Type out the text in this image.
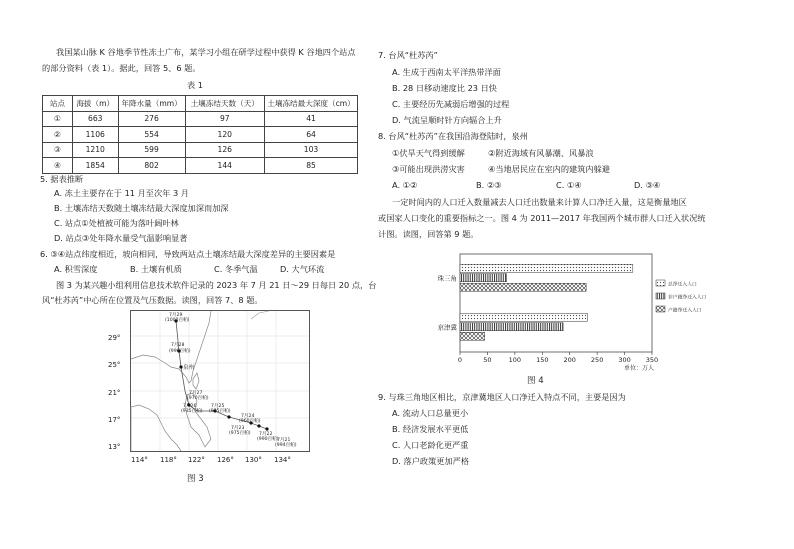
我国某山脉 K 谷地季节性冻土广布，某学习小组在研学过程中获得 K 谷地四个站点
的部分资料（表 1）。据此，回答 5、6 题。
表 1
站点	海拔（m）	年降水量（mm）	土壤冻结天数（天）	土壤冻结最大深度（cm）
①	663	276	97	41
②	1106	554	120	64
③	1210	599	126	103
④	1854	802	144	85
5. 据表推断
A. 冻土主要存在于 11 月至次年 3 月
B. 土壤冻结天数随土壤冻结最大深度加深而加深
C. 站点①处植被可能为落叶阔叶林
D. 站点③处年降水量受气温影响显著
6. ③④站点纬度相近，坡向相同，导致两站点土壤冻结最大深度差异的主要因素是
A. 积雪深度	B. 土壤有机质	C. 冬季气温	D. 大气环流
图 3 为某兴趣小组利用信息技术软件记录的 2023 年 7 月 21 日～29 日每日 20 点，台
风“杜苏芮”中心所在位置及气压数据。读图，回答 7、8 题。
29°
25°
21°
17°
13°
114° 118° 122° 126° 130° 134°
7月29
(1000百帕)
7月28
(990百帕)
泉州
7月27
(970百帕)
7月26
(935百帕)
7月25
(925百帕)
7月24
(960百帕)
7月23
(975百帕) 7月22
(990百帕)
7月21
(994百帕)
图 3
7. 台风“杜苏芮”
A. 生成于西南太平洋热带洋面
B. 28 日移动速度比 23 日快
C. 主要经历先减弱后增强的过程
D. 气流呈顺时针方向辐合上升
8. 台风“杜苏芮”在我国沿海登陆时，泉州
①伏旱天气得到缓解	②附近海域有风暴潮、风暴浪
③可能出现洪涝灾害	④当地居民应在室内的建筑内躲避
A. ①②	B. ②③	C. ①④	D. ③④
一定时间内的人口迁入数量减去人口迁出数量来计算人口净迁入量，这是衡量地区
或国家人口变化的重要指标之一。图 4 为 2011—2017 年我国两个城市群人口迁入状况统
计图。读图，回答第 9 题。
0	50	100 150 200 250 300 350
单位：万人
珠三角
京津冀
总净迁入人口
非户籍净迁入人口
户籍净迁入人口
图 4
9. 与珠三角地区相比，京津冀地区人口净迁入特点不同，主要是因为
A. 流动人口总量更小
B. 经济发展水平更低
C. 人口老龄化更严重
D. 落户政策更加严格
